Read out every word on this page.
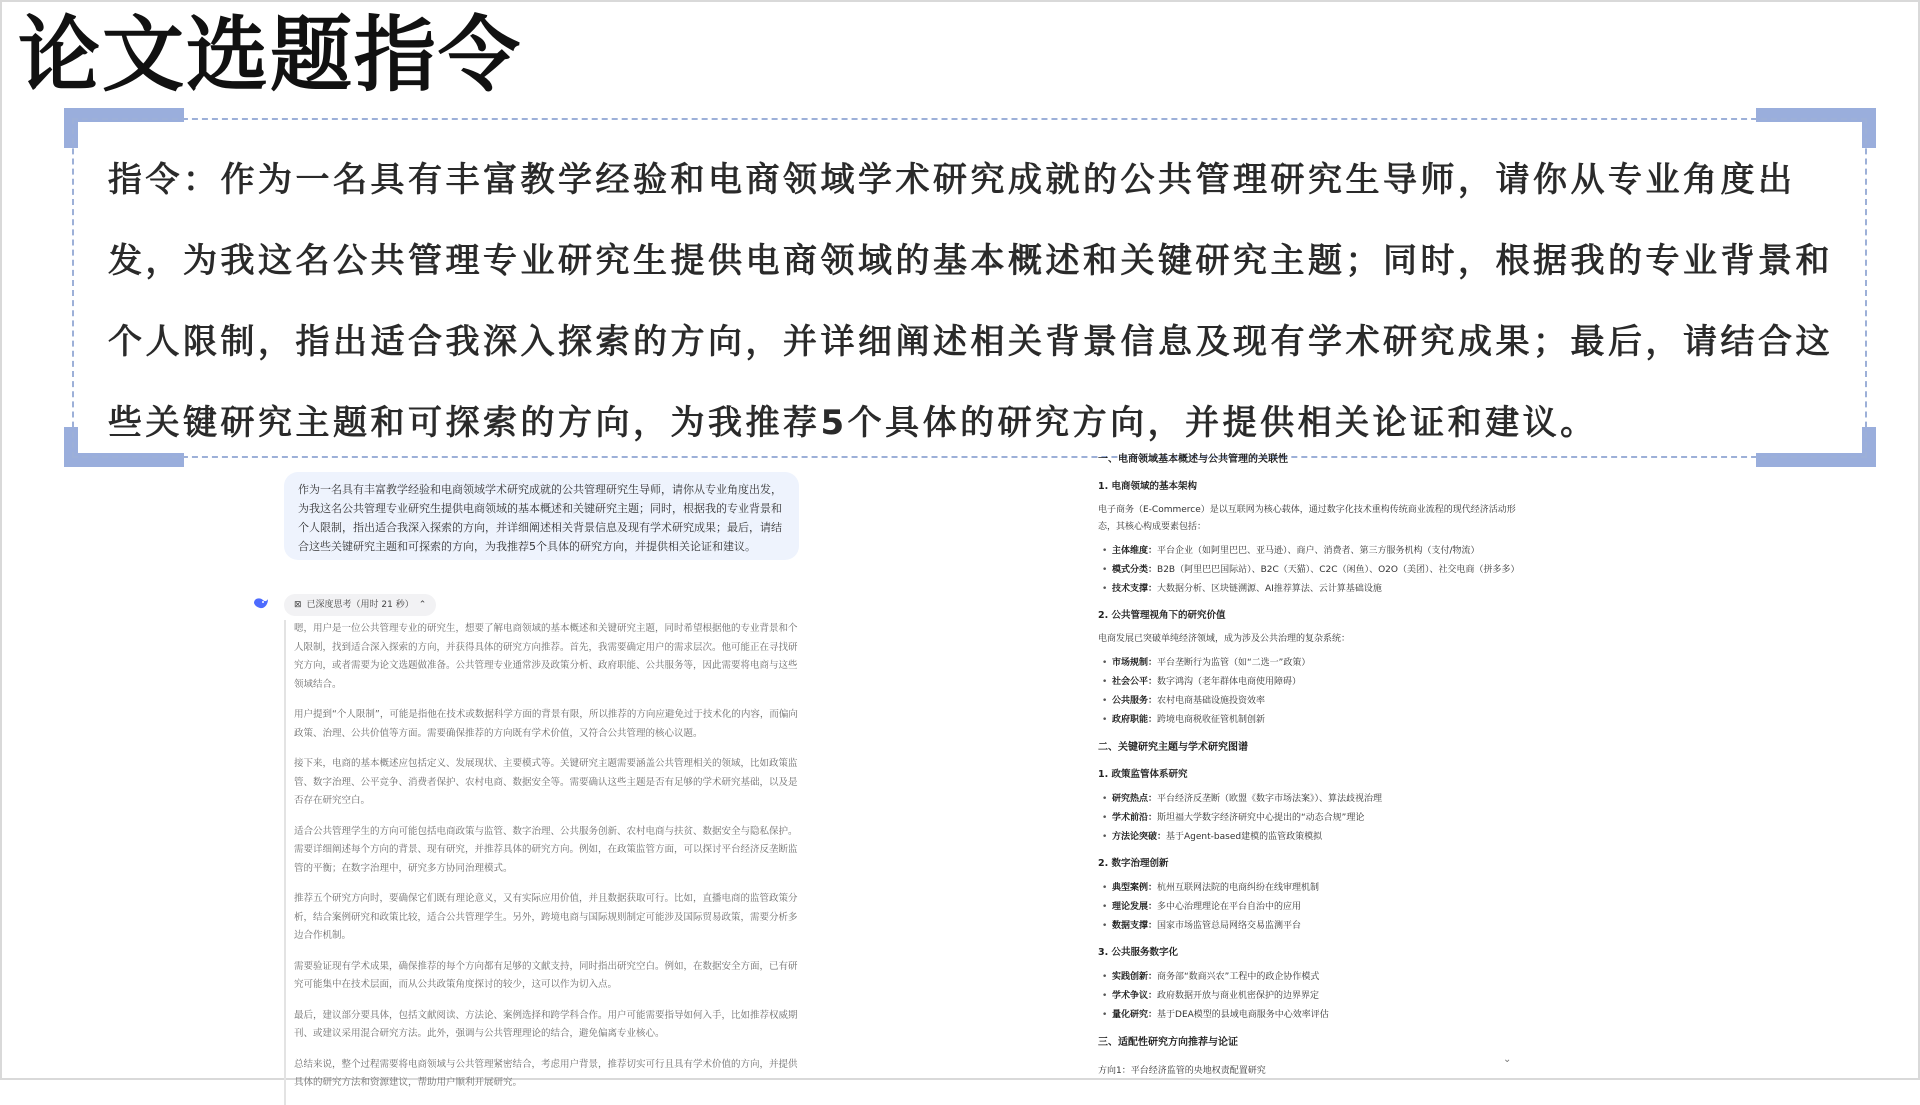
论文选题指令
指令：作为一名具有丰富教学经验和电商领域学术研究成就的公共管理研究生导师，请你从专业角度出发，为我这名公共管理专业研究生提供电商领域的基本概述和关键研究主题；同时，根据我的专业背景和个人限制，指出适合我深入探索的方向，并详细阐述相关背景信息及现有学术研究成果；最后，请结合这些关键研究主题和可探索的方向，为我推荐5个具体的研究方向，并提供相关论证和建议。
作为一名具有丰富教学经验和电商领域学术研究成就的公共管理研究生导师，请你从专业角度出发，为我这名公共管理专业研究生提供电商领域的基本概述和关键研究主题；同时，根据我的专业背景和个人限制，指出适合我深入探索的方向，并详细阐述相关背景信息及现有学术研究成果；最后，请结合这些关键研究主题和可探索的方向，为我推荐5个具体的研究方向，并提供相关论证和建议。
⊠ 已深度思考（用时 21 秒） ⌃

嗯，用户是一位公共管理专业的研究生，想要了解电商领域的基本概述和关键研究主题，同时希望根据他的专业背景和个人限制，找到适合深入探索的方向，并获得具体的研究方向推荐。首先，我需要确定用户的需求层次。他可能正在寻找研究方向，或者需要为论文选题做准备。公共管理专业通常涉及政策分析、政府职能、公共服务等，因此需要将电商与这些领域结合。

用户提到“个人限制”，可能是指他在技术或数据科学方面的背景有限，所以推荐的方向应避免过于技术化的内容，而偏向政策、治理、公共价值等方面。需要确保推荐的方向既有学术价值，又符合公共管理的核心议题。

接下来，电商的基本概述应包括定义、发展现状、主要模式等。关键研究主题需要涵盖公共管理相关的领域，比如政策监管、数字治理、公平竞争、消费者保护、农村电商、数据安全等。需要确认这些主题是否有足够的学术研究基础，以及是否存在研究空白。

适合公共管理学生的方向可能包括电商政策与监管、数字治理、公共服务创新、农村电商与扶贫、数据安全与隐私保护。需要详细阐述每个方向的背景、现有研究，并推荐具体的研究方向。例如，在政策监管方面，可以探讨平台经济反垄断监管的平衡；在数字治理中，研究多方协同治理模式。

推荐五个研究方向时，要确保它们既有理论意义，又有实际应用价值，并且数据获取可行。比如，直播电商的监管政策分析，结合案例研究和政策比较，适合公共管理学生。另外，跨境电商与国际规则制定可能涉及国际贸易政策，需要分析多边合作机制。

需要验证现有学术成果，确保推荐的每个方向都有足够的文献支持，同时指出研究空白。例如，在数据安全方面，已有研究可能集中在技术层面，而从公共政策角度探讨的较少，这可以作为切入点。

最后，建议部分要具体，包括文献阅读、方法论、案例选择和跨学科合作。用户可能需要指导如何入手，比如推荐权威期刊、或建议采用混合研究方法。此外，强调与公共管理理论的结合，避免偏离专业核心。

总结来说，整个过程需要将电商领域与公共管理紧密结合，考虑用户背景，推荐切实可行且具有学术价值的方向，并提供具体的研究方法和资源建议，帮助用户顺利开展研究。

一、电商领域基本概述与公共管理的关联性
1. 电商领域的基本架构
电子商务（E-Commerce）是以互联网为核心载体，通过数字化技术重构传统商业流程的现代经济活动形态，其核心构成要素包括：
• 主体维度：平台企业（如阿里巴巴、亚马逊）、商户、消费者、第三方服务机构（支付/物流）
• 模式分类：B2B（阿里巴巴国际站）、B2C（天猫）、C2C（闲鱼）、O2O（美团）、社交电商（拼多多）
• 技术支撑：大数据分析、区块链溯源、AI推荐算法、云计算基础设施
2. 公共管理视角下的研究价值
电商发展已突破单纯经济领域，成为涉及公共治理的复杂系统：
• 市场规制：平台垄断行为监管（如“二选一”政策）
• 社会公平：数字鸿沟（老年群体电商使用障碍）
• 公共服务：农村电商基础设施投资效率
• 政府职能：跨境电商税收征管机制创新
二、关键研究主题与学术研究图谱
1. 政策监管体系研究
• 研究热点：平台经济反垄断（欧盟《数字市场法案》）、算法歧视治理
• 学术前沿：斯坦福大学数字经济研究中心提出的“动态合规”理论
• 方法论突破：基于Agent-based建模的监管政策模拟
2. 数字治理创新
• 典型案例：杭州互联网法院的电商纠纷在线审理机制
• 理论发展：多中心治理理论在平台自治中的应用
• 数据支撑：国家市场监管总局网络交易监测平台
3. 公共服务数字化
• 实践创新：商务部“数商兴农”工程中的政企协作模式
• 学术争议：政府数据开放与商业机密保护的边界界定
• 量化研究：基于DEA模型的县域电商服务中心效率评估
三、适配性研究方向推荐与论证
方向1：平台经济监管的央地权责配置研究
⌄
